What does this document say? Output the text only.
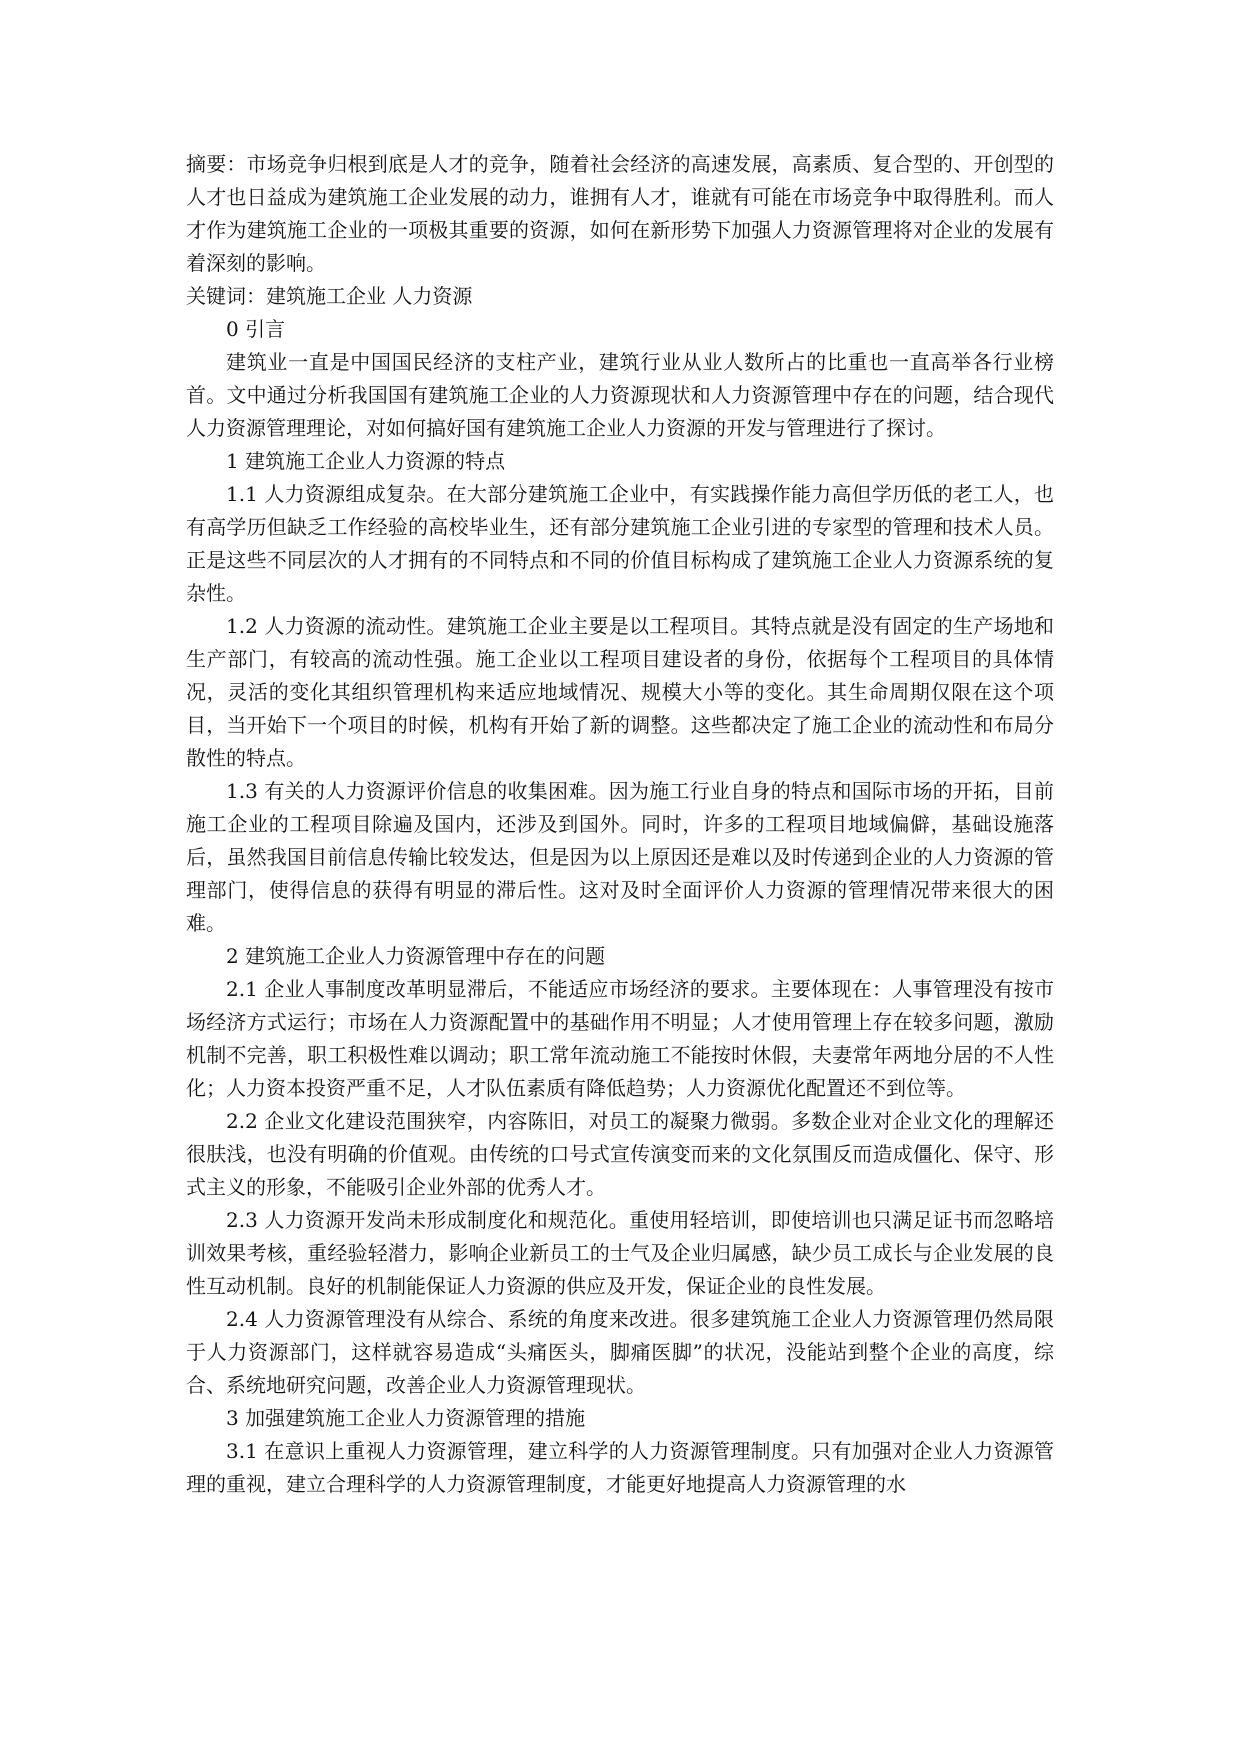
摘要：市场竞争归根到底是人才的竞争，随着社会经济的高速发展，高素质、复合型的、开创型的人才也日益成为建筑施工企业发展的动力，谁拥有人才，谁就有可能在市场竞争中取得胜利。而人才作为建筑施工企业的一项极其重要的资源，如何在新形势下加强人力资源管理将对企业的发展有着深刻的影响。

关键词：建筑施工企业 人力资源

0 引言

建筑业一直是中国国民经济的支柱产业，建筑行业从业人数所占的比重也一直高举各行业榜首。文中通过分析我国国有建筑施工企业的人力资源现状和人力资源管理中存在的问题，结合现代人力资源管理理论，对如何搞好国有建筑施工企业人力资源的开发与管理进行了探讨。

1 建筑施工企业人力资源的特点

1.1 人力资源组成复杂。在大部分建筑施工企业中，有实践操作能力高但学历低的老工人，也有高学历但缺乏工作经验的高校毕业生，还有部分建筑施工企业引进的专家型的管理和技术人员。正是这些不同层次的人才拥有的不同特点和不同的价值目标构成了建筑施工企业人力资源系统的复杂性。

1.2 人力资源的流动性。建筑施工企业主要是以工程项目。其特点就是没有固定的生产场地和生产部门，有较高的流动性强。施工企业以工程项目建设者的身份，依据每个工程项目的具体情况，灵活的变化其组织管理机构来适应地域情况、规模大小等的变化。其生命周期仅限在这个项目，当开始下一个项目的时候，机构有开始了新的调整。这些都决定了施工企业的流动性和布局分散性的特点。

1.3 有关的人力资源评价信息的收集困难。因为施工行业自身的特点和国际市场的开拓，目前施工企业的工程项目除遍及国内，还涉及到国外。同时，许多的工程项目地域偏僻，基础设施落后，虽然我国目前信息传输比较发达，但是因为以上原因还是难以及时传递到企业的人力资源的管理部门，使得信息的获得有明显的滞后性。这对及时全面评价人力资源的管理情况带来很大的困难。

2 建筑施工企业人力资源管理中存在的问题

2.1 企业人事制度改革明显滞后，不能适应市场经济的要求。主要体现在：人事管理没有按市场经济方式运行；市场在人力资源配置中的基础作用不明显；人才使用管理上存在较多问题，激励机制不完善，职工积极性难以调动；职工常年流动施工不能按时休假，夫妻常年两地分居的不人性化；人力资本投资严重不足，人才队伍素质有降低趋势；人力资源优化配置还不到位等。

2.2 企业文化建设范围狭窄，内容陈旧，对员工的凝聚力微弱。多数企业对企业文化的理解还很肤浅，也没有明确的价值观。由传统的口号式宣传演变而来的文化氛围反而造成僵化、保守、形式主义的形象，不能吸引企业外部的优秀人才。

2.3 人力资源开发尚未形成制度化和规范化。重使用轻培训，即使培训也只满足证书而忽略培训效果考核，重经验轻潜力，影响企业新员工的士气及企业归属感，缺少员工成长与企业发展的良性互动机制。良好的机制能保证人力资源的供应及开发，保证企业的良性发展。

2.4 人力资源管理没有从综合、系统的角度来改进。很多建筑施工企业人力资源管理仍然局限于人力资源部门，这样就容易造成“头痛医头，脚痛医脚”的状况，没能站到整个企业的高度，综合、系统地研究问题，改善企业人力资源管理现状。

3 加强建筑施工企业人力资源管理的措施

3.1 在意识上重视人力资源管理，建立科学的人力资源管理制度。只有加强对企业人力资源管理的重视，建立合理科学的人力资源管理制度，才能更好地提高人力资源管理的水
